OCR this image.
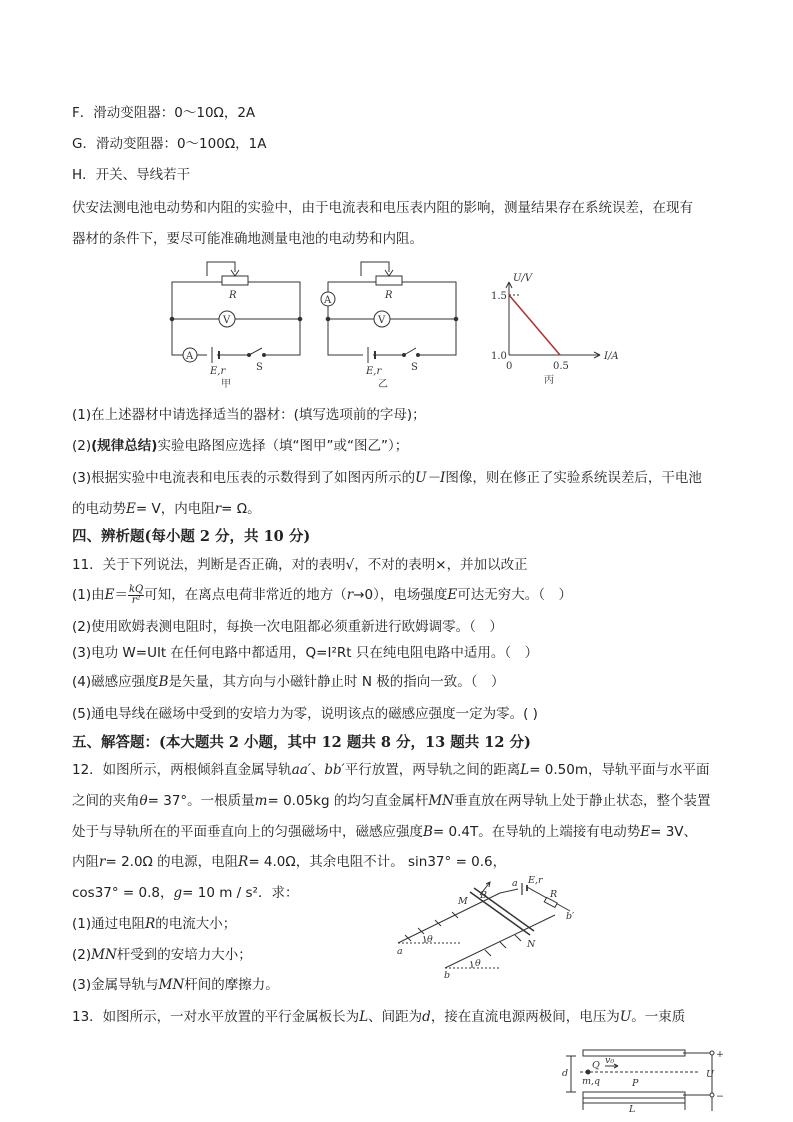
F．滑动变阻器：0～10Ω，2A
G．滑动变阻器：0～100Ω，1A
H．开关、导线若干
伏安法测电池电动势和内阻的实验中，由于电流表和电压表内阻的影响，测量结果存在系统误差，在现有
器材的条件下，要尽可能准确地测量电池的电动势和内阻。
R
V
A
E,r	S
甲
R
V
A
E,r	S
乙
U/V
1.5
1.0
0	0.5
I/A
丙
(1)在上述器材中请选择适当的器材：(填写选项前的字母)；
(2)(规律总结)实验电路图应选择（填“图甲”或“图乙”）；
(3)根据实验中电流表和电压表的示数得到了如图丙所示的U－I图像，则在修正了实验系统误差后，干电池
的电动势E= V，内电阻r= Ω。
四、辨析题(每小题 2 分，共 10 分)
11．关于下列说法，判断是否正确，对的表明√，不对的表明×，并加以改正
(1)由$E= \frac{kQ}{\text{r²}}$ 可知，在离点电荷非常近的地方（r→0），电场强度E可达无穷大。（　）
(2)使用欧姆表测电阻时，每换一次电阻都必须重新进行欧姆调零。（　）
(3)电功 W=UIt 在任何电路中都适用，Q=I²Rt 只在纯电阻电路中适用。（　）
(4)磁感应强度B是矢量，其方向与小磁针静止时 N 极的指向一致。（　）
(5)通电导线在磁场中受到的安培力为零，说明该点的磁感应强度一定为零。( )
五、解答题：(本大题共 2 小题，其中 12 题共 8 分，13 题共 12 分)
12．如图所示，两根倾斜直金属导轨aa′、bb′平行放置，两导轨之间的距离L= 0.50m，导轨平面与水平面
之间的夹角θ= 37°。一根质量m= 0.05kg 的均匀直金属杆MN垂直放在两导轨上处于静止状态，整个装置
处于与导轨所在的平面垂直向上的匀强磁场中，磁感应强度B= 0.4T。在导轨的上端接有电动势E= 3V、
内阻r= 2.0Ω 的电源，电阻R= 4.0Ω，其余电阻不计。 sin37° = 0.6，
cos37° = 0.8，g= 10 m / s²．求：
(1)通过电阻R的电流大小；
(2)MN杆受到的安培力大小；
(3)金属导轨与MN杆间的摩擦力。
13．如图所示，一对水平放置的平行金属板长为L、间距为d，接在直流电源两极间，电压为U。一束质
M
B
a E,r
R
b′
N
a
b
θ
θ
d
Q v₀
m,q	P
L
+
U
−
